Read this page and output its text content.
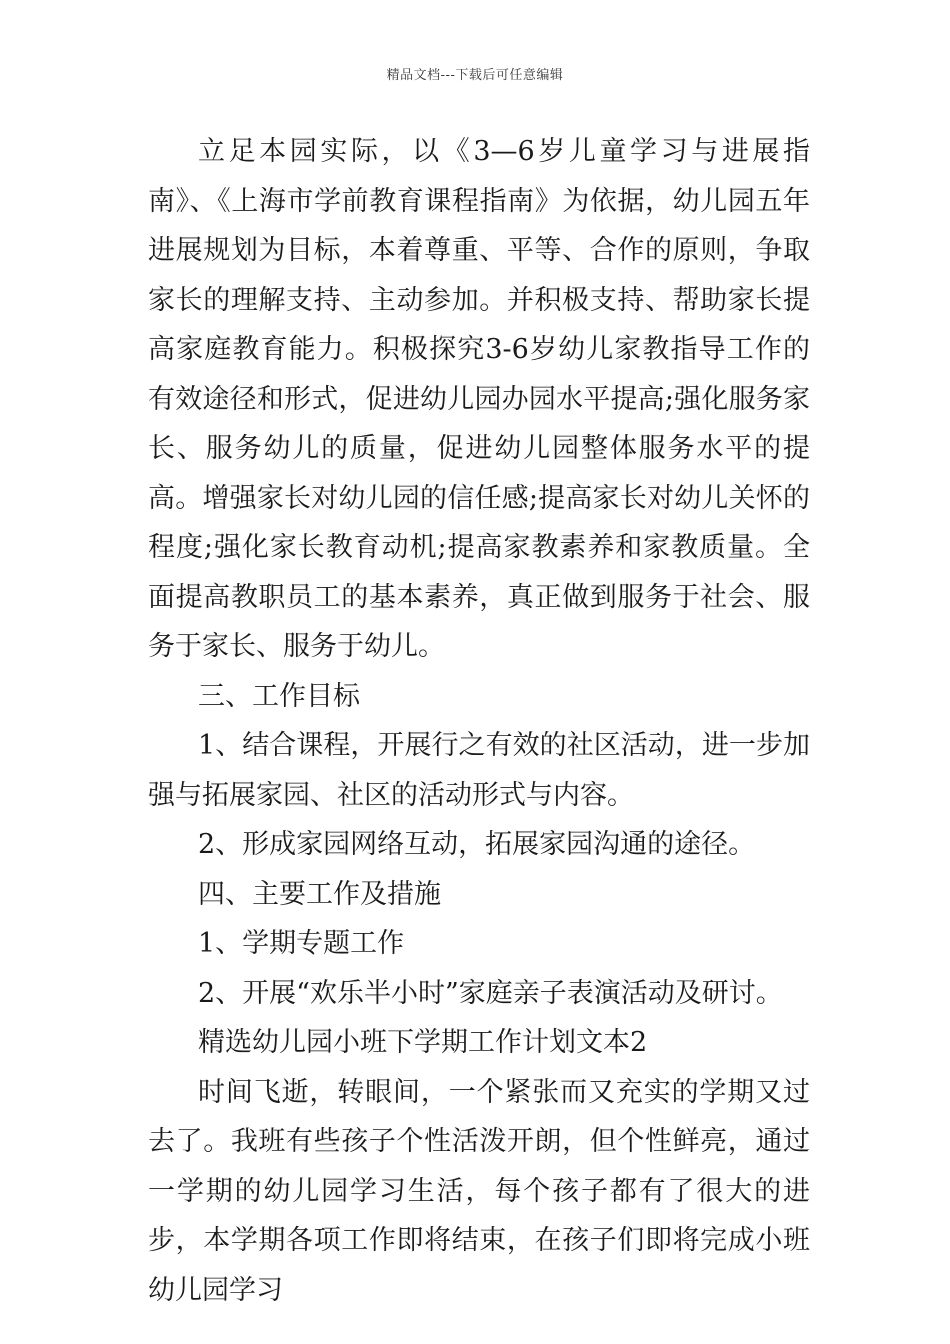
精品文档---下载后可任意编辑

立足本园实际，以《3—6岁儿童学习与进展指南》、《上海市学前教育课程指南》为依据，幼儿园五年进展规划为目标，本着尊重、平等、合作的原则，争取家长的理解支持、主动参加。并积极支持、帮助家长提高家庭教育能力。积极探究3-6岁幼儿家教指导工作的有效途径和形式，促进幼儿园办园水平提高;强化服务家长、服务幼儿的质量，促进幼儿园整体服务水平的提高。增强家长对幼儿园的信任感;提高家长对幼儿关怀的程度;强化家长教育动机;提高家教素养和家教质量。全面提高教职员工的基本素养，真正做到服务于社会、服务于家长、服务于幼儿。

三、工作目标

1、结合课程，开展行之有效的社区活动，进一步加强与拓展家园、社区的活动形式与内容。

2、形成家园网络互动，拓展家园沟通的途径。

四、主要工作及措施

1、学期专题工作

2、开展“欢乐半小时”家庭亲子表演活动及研讨。

精选幼儿园小班下学期工作计划文本2

时间飞逝，转眼间，一个紧张而又充实的学期又过去了。我班有些孩子个性活泼开朗，但个性鲜亮，通过一学期的幼儿园学习生活，每个孩子都有了很大的进步，本学期各项工作即将结束，在孩子们即将完成小班幼儿园学习
